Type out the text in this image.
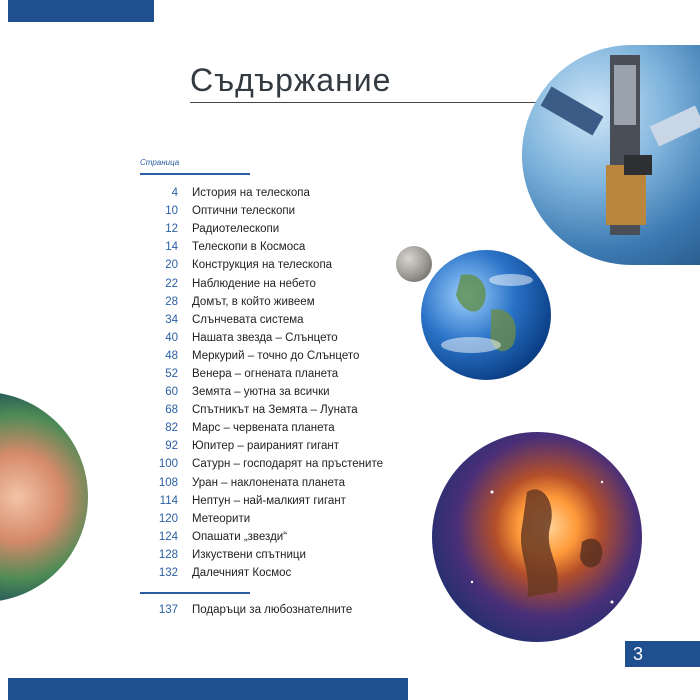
Съдържание
Страница
4	История на телескопа
10	Оптични телескопи
12	Радиотелескопи
14	Телескопи в Космоса
20	Конструкция на телескопа
22	Наблюдение на небето
28	Домът, в който живеем
34	Слънчевата система
40	Нашата звезда – Слънцето
48	Меркурий – точно до Слънцето
52	Венера – огнената планета
60	Земята – уютна за всички
68	Спътникът на Земята – Луната
82	Марс – червената планета
92	Юпитер – раираният гигант
100	Сатурн – господарят на пръстените
108	Уран – наклонената планета
114	Нептун – най-малкият гигант
120	Метеорити
124	Опашати „звезди“
128	Изкуствени спътници
132	Далечният Космос
137	Подаръци за любознателните
3
